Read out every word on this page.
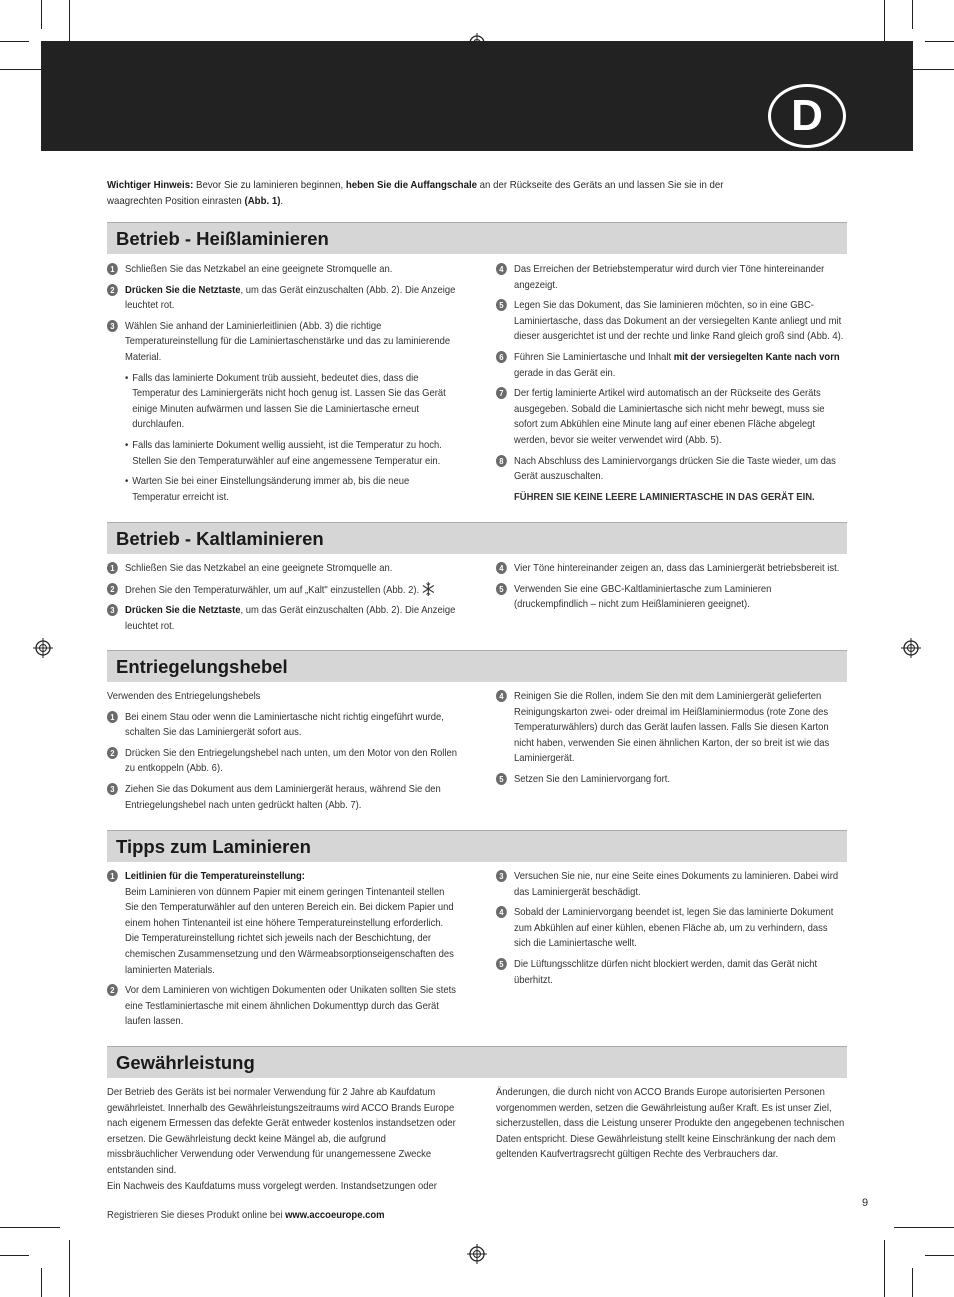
D
Wichtiger Hinweis: Bevor Sie zu laminieren beginnen, heben Sie die Auffangschale an der Rückseite des Geräts an und lassen Sie sie in der waagrechten Position einrasten (Abb. 1).
Betrieb - Heißlaminieren
1 Schließen Sie das Netzkabel an eine geeignete Stromquelle an.
2 Drücken Sie die Netztaste, um das Gerät einzuschalten (Abb. 2). Die Anzeige leuchtet rot.
3 Wählen Sie anhand der Laminierleitlinien (Abb. 3) die richtige Temperatureinstellung für die Laminiertaschenstärke und das zu laminierende Material.
• Falls das laminierte Dokument trüb aussieht, bedeutet dies, dass die Temperatur des Laminiergeräts nicht hoch genug ist. Lassen Sie das Gerät einige Minuten aufwärmen und lassen Sie die Laminiertasche erneut durchlaufen.
• Falls das laminierte Dokument wellig aussieht, ist die Temperatur zu hoch. Stellen Sie den Temperaturwähler auf eine angemessene Temperatur ein.
• Warten Sie bei einer Einstellungsänderung immer ab, bis die neue Temperatur erreicht ist.
4 Das Erreichen der Betriebstemperatur wird durch vier Töne hintereinander angezeigt.
5 Legen Sie das Dokument, das Sie laminieren möchten, so in eine GBC-Laminiertasche, dass das Dokument an der versiegelten Kante anliegt und mit dieser ausgerichtet ist und der rechte und linke Rand gleich groß sind (Abb. 4).
6 Führen Sie Laminiertasche und Inhalt mit der versiegelten Kante nach vorn gerade in das Gerät ein.
7 Der fertig laminierte Artikel wird automatisch an der Rückseite des Geräts ausgegeben. Sobald die Laminiertasche sich nicht mehr bewegt, muss sie sofort zum Abkühlen eine Minute lang auf einer ebenen Fläche abgelegt werden, bevor sie weiter verwendet wird (Abb. 5).
8 Nach Abschluss des Laminiervorgangs drücken Sie die Taste wieder, um das Gerät auszuschalten.
FÜHREN SIE KEINE LEERE LAMINIERTASCHE IN DAS GERÄT EIN.
Betrieb - Kaltlaminieren
1 Schließen Sie das Netzkabel an eine geeignete Stromquelle an.
2 Drehen Sie den Temperaturwähler, um auf „Kalt" einzustellen (Abb. 2).
3 Drücken Sie die Netztaste, um das Gerät einzuschalten (Abb. 2). Die Anzeige leuchtet rot.
4 Vier Töne hintereinander zeigen an, dass das Laminiergerät betriebsbereit ist.
5 Verwenden Sie eine GBC-Kaltlaminiertasche zum Laminieren (druckempfindlich – nicht zum Heißlaminieren geeignet).
Entriegelungshebel
Verwenden des Entriegelungshebels
1 Bei einem Stau oder wenn die Laminiertasche nicht richtig eingeführt wurde, schalten Sie das Laminiergerät sofort aus.
2 Drücken Sie den Entriegelungshebel nach unten, um den Motor von den Rollen zu entkoppeln (Abb. 6).
3 Ziehen Sie das Dokument aus dem Laminiergerät heraus, während Sie den Entriegelungshebel nach unten gedrückt halten (Abb. 7).
4 Reinigen Sie die Rollen, indem Sie den mit dem Laminiergerät gelieferten Reinigungskarton zwei- oder dreimal im Heißlaminiermodus (rote Zone des Temperaturwählers) durch das Gerät laufen lassen. Falls Sie diesen Karton nicht haben, verwenden Sie einen ähnlichen Karton, der so breit ist wie das Laminiergerät.
5 Setzen Sie den Laminiervorgang fort.
Tipps zum Laminieren
1 Leitlinien für die Temperatureinstellung:
Beim Laminieren von dünnem Papier mit einem geringen Tintenanteil stellen Sie den Temperaturwähler auf den unteren Bereich ein. Bei dickem Papier und einem hohen Tintenanteil ist eine höhere Temperatureinstellung erforderlich. Die Temperatureinstellung richtet sich jeweils nach der Beschichtung, der chemischen Zusammensetzung und den Wärmeabsorptionseigenschaften des laminierten Materials.
2 Vor dem Laminieren von wichtigen Dokumenten oder Unikaten sollten Sie stets eine Testlaminiertasche mit einem ähnlichen Dokumenttyp durch das Gerät laufen lassen.
3 Versuchen Sie nie, nur eine Seite eines Dokuments zu laminieren. Dabei wird das Laminiergerät beschädigt.
4 Sobald der Laminiervorgang beendet ist, legen Sie das laminierte Dokument zum Abkühlen auf einer kühlen, ebenen Fläche ab, um zu verhindern, dass sich die Laminiertasche wellt.
5 Die Lüftungsschlitze dürfen nicht blockiert werden, damit das Gerät nicht überhitzt.
Gewährleistung

Der Betrieb des Geräts ist bei normaler Verwendung für 2 Jahre ab Kaufdatum gewährleistet. Innerhalb des Gewährleistungszeitraums wird ACCO Brands Europe nach eigenem Ermessen das defekte Gerät entweder kostenlos instandsetzen oder ersetzen. Die Gewährleistung deckt keine Mängel ab, die aufgrund missbräuchlicher Verwendung oder Verwendung für unangemessene Zwecke entstanden sind.

Ein Nachweis des Kaufdatums muss vorgelegt werden. Instandsetzungen oder

Registrieren Sie dieses Produkt online bei www.accoeurope.com

Änderungen, die durch nicht von ACCO Brands Europe autorisierten Personen vorgenommen werden, setzen die Gewährleistung außer Kraft. Es ist unser Ziel, sicherzustellen, dass die Leistung unserer Produkte den angegebenen technischen Daten entspricht. Diese Gewährleistung stellt keine Einschränkung der nach dem geltenden Kaufvertragsrecht gültigen Rechte des Verbrauchers dar.

9
